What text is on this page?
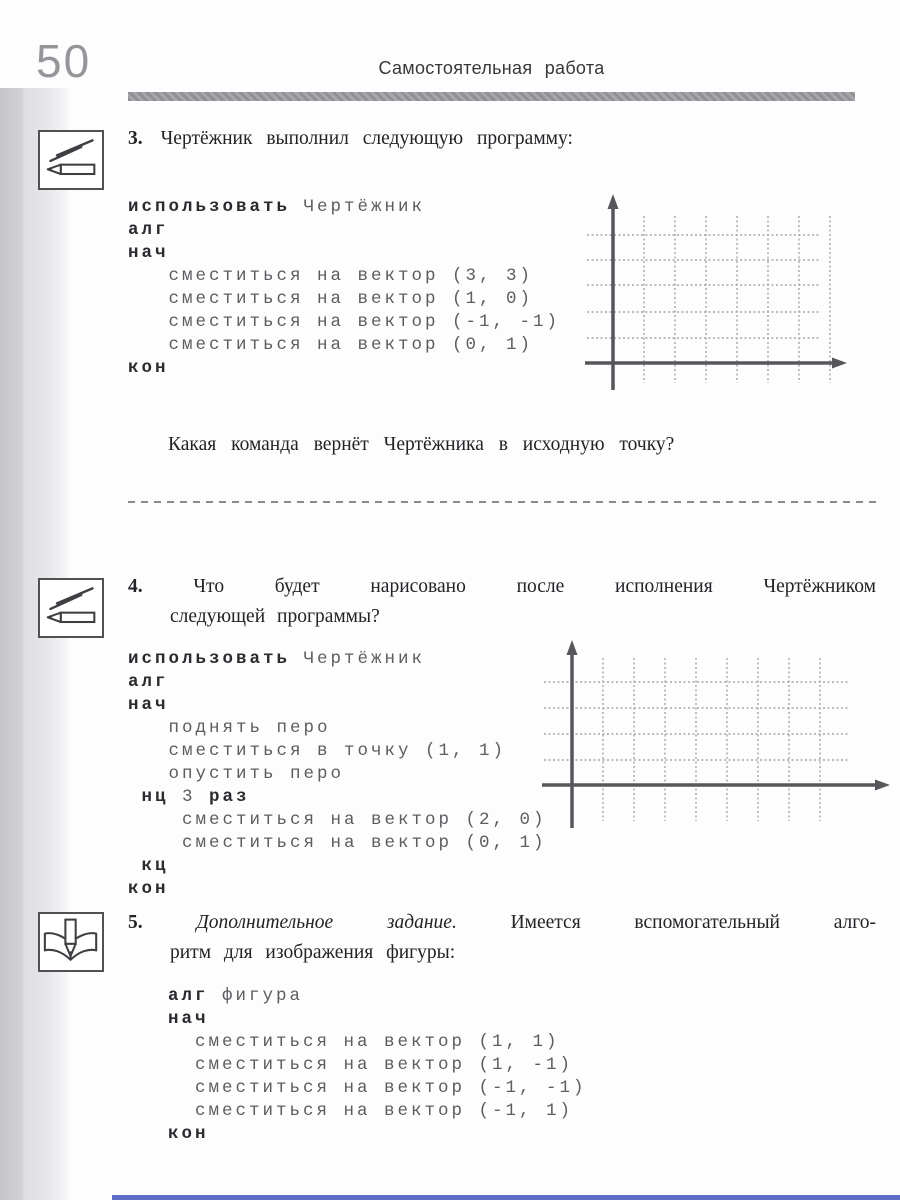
50	Самостоятельная работа
3. Чертёжник выполнил следующую программу:
использовать Чертёжник
алг
нач
сместиться на вектор (3, 3)
сместиться на вектор (1, 0)
сместиться на вектор (-1, -1)
сместиться на вектор (0, 1)
кон
Какая команда вернёт Чертёжника в исходную точку?
4.	Что будет нарисовано после исполнения Чертёжником
следующей программы?
использовать Чертёжник
алг
нач
поднять перо
сместиться в точку (1, 1)
опустить перо
нц 3 раз
сместиться на вектор (2, 0)
сместиться на вектор (0, 1)
кц
кон
5.	Дополнительное задание.	Имеется вспомогательный алго-
ритм для изображения фигуры:
алг фигура
нач
сместиться на вектор (1, 1)
сместиться на вектор (1, -1)
сместиться на вектор (-1, -1)
сместиться на вектор (-1, 1)
кон
